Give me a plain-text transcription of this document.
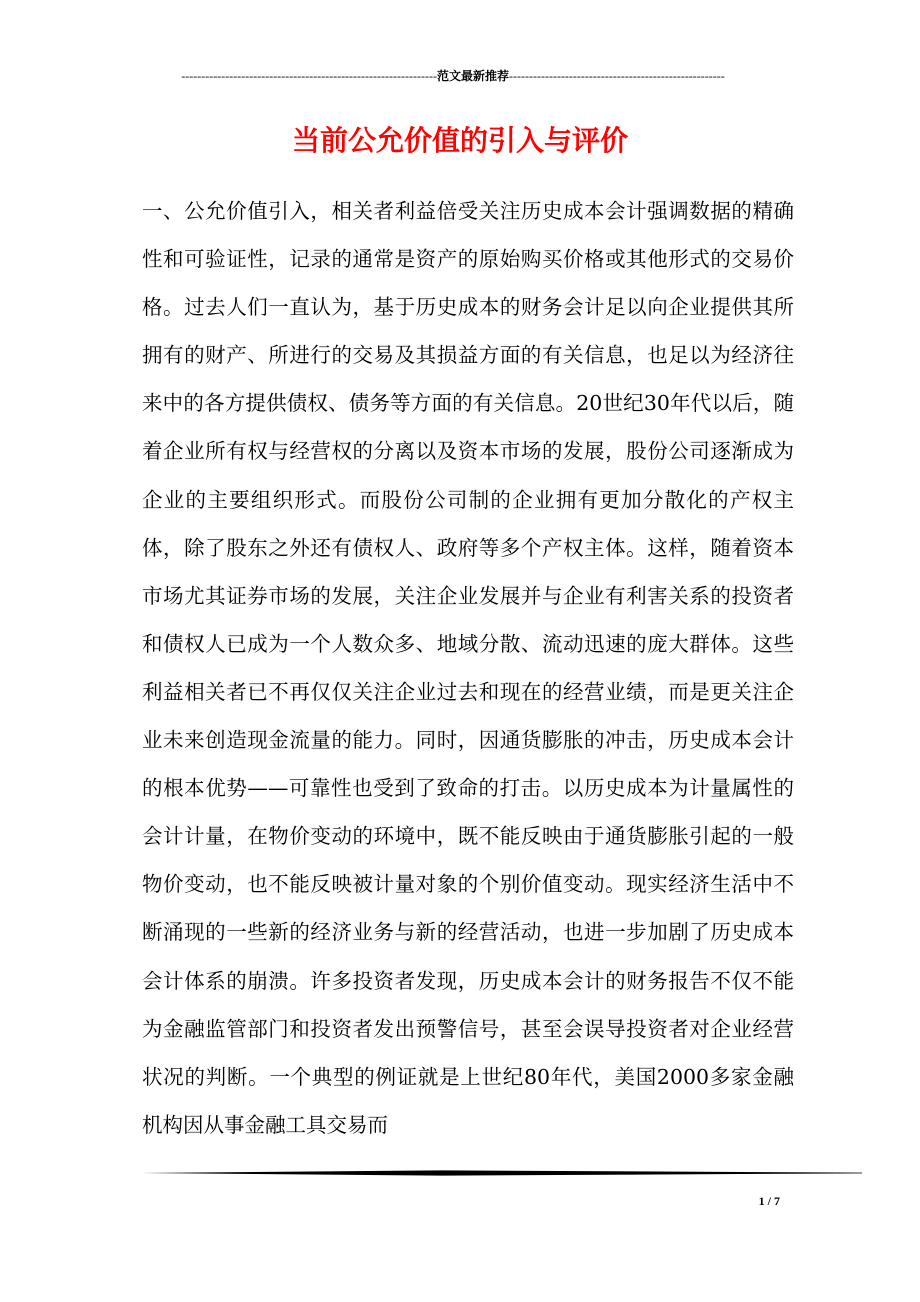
----------------------------------------------------------------范文最新推荐------------------------------------------------------
当前公允价值的引入与评价

一、公允价值引入，相关者利益倍受关注历史成本会计强调数据的精确性和可验证性，记录的通常是资产的原始购买价格或其他形式的交易价格。过去人们一直认为，基于历史成本的财务会计足以向企业提供其所拥有的财产、所进行的交易及其损益方面的有关信息，也足以为经济往来中的各方提供债权、债务等方面的有关信息。20世纪30年代以后，随着企业所有权与经营权的分离以及资本市场的发展，股份公司逐渐成为企业的主要组织形式。而股份公司制的企业拥有更加分散化的产权主体，除了股东之外还有债权人、政府等多个产权主体。这样，随着资本市场尤其证券市场的发展，关注企业发展并与企业有利害关系的投资者和债权人已成为一个人数众多、地域分散、流动迅速的庞大群体。这些利益相关者已不再仅仅关注企业过去和现在的经营业绩，而是更关注企业未来创造现金流量的能力。同时，因通货膨胀的冲击，历史成本会计的根本优势——可靠性也受到了致命的打击。以历史成本为计量属性的会计计量，在物价变动的环境中，既不能反映由于通货膨胀引起的一般物价变动，也不能反映被计量对象的个别价值变动。现实经济生活中不断涌现的一些新的经济业务与新的经营活动，也进一步加剧了历史成本会计体系的崩溃。许多投资者发现，历史成本会计的财务报告不仅不能为金融监管部门和投资者发出预警信号，甚至会误导投资者对企业经营状况的判断。一个典型的例证就是上世纪80年代，美国2000多家金融机构因从事金融工具交易而

1 / 7
